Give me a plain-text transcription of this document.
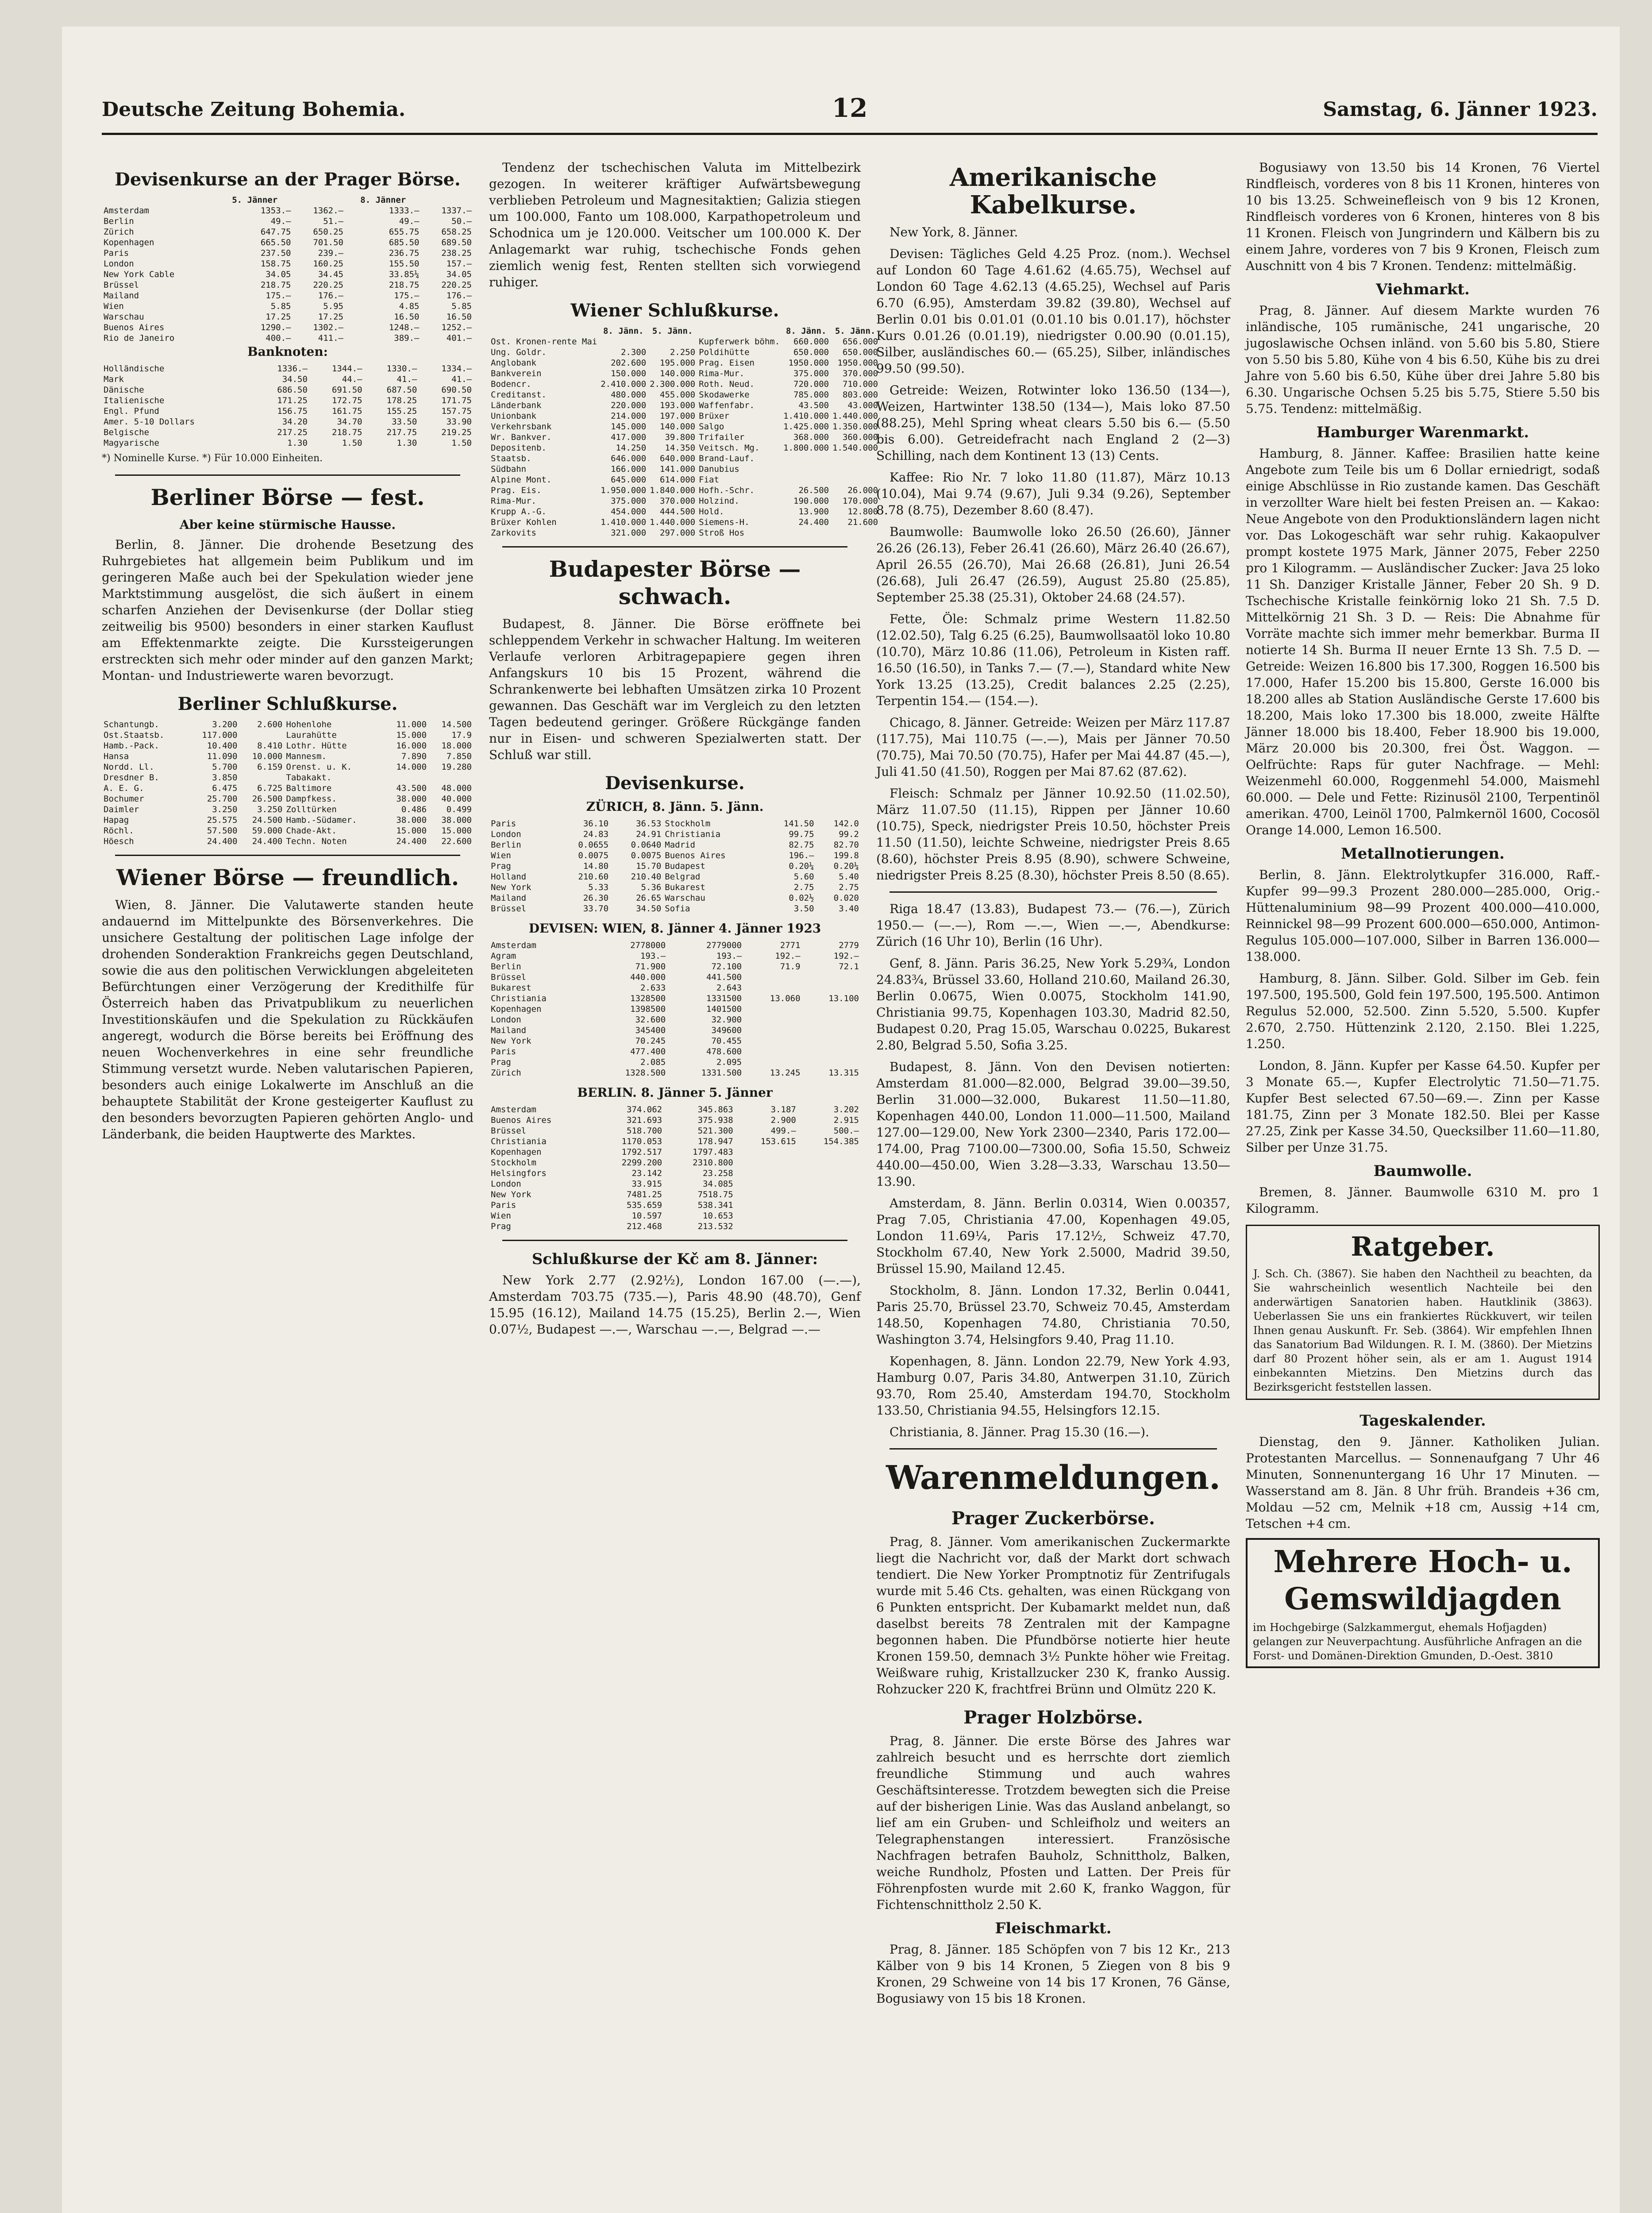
Deutsche Zeitung Bohemia.	12	Samstag, 6. Jänner 1923.
Devisenkurse an der Prager Börse.
	5. Jänner		8. Jänner	
Amsterdam	1353.—	1362.—	1333.—	1337.—
Berlin	49.—	51.—	49.—	50.—
Zürich	647.75	650.25	655.75	658.25
Kopenhagen	665.50	701.50	685.50	689.50
Paris	237.50	239.—	236.75	238.25
London	158.75	160.25	155.50	157.—
New York Cable	34.05	34.45	33.85¼	34.05
Brüssel	218.75	220.25	218.75	220.25
Mailand	175.—	176.—	175.—	176.—
Wien	5.85	5.95	4.85	5.85
Warschau	17.25	17.25	16.50	16.50
Buenos Aires	1290.—	1302.—	1248.—	1252.—
Rio de Janeiro	400.—	411.—	389.—	401.—
Banknoten:
Holländische	1336.—	1344.—	1330.—	1334.—
Mark	34.50	44.—	41.—	41.—
Dänische	686.50	691.50	687.50	690.50
Italienische	171.25	172.75	178.25	171.75
Engl. Pfund	156.75	161.75	155.25	157.75
Amer. 5-10 Dollars	34.20	34.70	33.50	33.90
Belgische	217.25	218.75	217.75	219.25
Magyarische	1.30	1.50	1.30	1.50
*) Nominelle Kurse. *) Für 10.000 Einheiten.
Berliner Börse — fest.
Aber keine stürmische Hausse.

Berlin, 8. Jänner. Die drohende Besetzung des Ruhrgebietes hat allgemein beim Publikum und im geringeren Maße auch bei der Spekulation wieder jene Marktstimmung ausgelöst, die sich äußert in einem scharfen Anziehen der Devisenkurse (der Dollar stieg zeitweilig bis 9500) besonders in einer starken Kauflust am Effektenmarkte zeigte. Die Kurssteigerungen erstreckten sich mehr oder minder auf den ganzen Markt; Montan- und Industriewerte waren bevorzugt.

Berliner Schlußkurse.
Schantungb.	3.200	2.600	Hohenlohe	11.000	14.500
Ost.Staatsb.	117.000		Laurahütte	15.000	17.9
Hamb.-Pack.	10.400	8.410	Lothr. Hütte	16.000	18.000
Hansa	11.090	10.000	Mannesm.	7.890	7.850
Nordd. Ll.	5.700	6.159	Orenst. u. K.	14.000	19.280
Dresdner B.	3.850		Tabakakt.		
A. E. G.	6.475	6.725	Baltimore	43.500	48.000
Bochumer	25.700	26.500	Dampfkess.	38.000	40.000
Daimler	3.250	3.250	Zolltürken	0.486	0.499
Hapag	25.575	24.500	Hamb.-Südamer.	38.000	38.000
Röchl.	57.500	59.000	Chade-Akt.	15.000	15.000
Höesch	24.400	24.400	Techn. Noten	24.400	22.600
Wiener Börse — freundlich.

Wien, 8. Jänner. Die Valutawerte standen heute andauernd im Mittelpunkte des Börsenverkehres. Die unsichere Gestaltung der politischen Lage infolge der drohenden Sonderaktion Frankreichs gegen Deutschland, sowie die aus den politischen Verwicklungen abgeleiteten Befürchtungen einer Verzögerung der Kredithilfe für Österreich haben das Privatpublikum zu neuerlichen Investitionskäufen und die Spekulation zu Rückkäufen angeregt, wodurch die Börse bereits bei Eröffnung des neuen Wochenverkehres in eine sehr freundliche Stimmung versetzt wurde. Neben valutarischen Papieren, besonders auch einige Lokalwerte im Anschluß an die behauptete Stabilität der Krone gesteigerter Kauflust zu den besonders bevorzugten Papieren gehörten Anglo- und Länderbank, die beiden Hauptwerte des Marktes.

Tendenz der tschechischen Valuta im Mittelbezirk gezogen. In weiterer kräftiger Aufwärtsbewegung verblieben Petroleum und Magnesitaktien; Galizia stiegen um 100.000, Fanto um 108.000, Karpathopetroleum und Schodnica um je 120.000. Veitscher um 100.000 K. Der Anlagemarkt war ruhig, tschechische Fonds gehen ziemlich wenig fest, Renten stellten sich vorwiegend ruhiger.

Wiener Schlußkurse.
	8. Jänn.	5. Jänn.		8. Jänn.	5. Jänn.
Ost. Kronen-rente Mai			Kupferwerk böhm.	660.000	656.000
Ung. Goldr.	2.300	2.250	Poldihütte	650.000	650.000
Anglobank	202.600	195.000	Prag. Eisen	1950.000	1950.000
Bankverein	150.000	140.000	Rima-Mur.	375.000	370.000
Bodencr.	2.410.000	2.300.000	Roth. Neud.	720.000	710.000
Creditanst.	480.000	455.000	Skodawerke	785.000	803.000
Länderbank	220.000	193.000	Waffenfabr.	43.500	43.000
Unionbank	214.000	197.000	Brüxer	1.410.000	1.440.000
Verkehrsbank	145.000	140.000	Salgo	1.425.000	1.350.000
Wr. Bankver.	417.000	39.800	Trifailer	368.000	360.000
Depositenb.	14.250	14.350	Veitsch. Mg.	1.800.000	1.540.000
Staatsb.	646.000	640.000	Brand-Lauf.		
Südbahn	166.000	141.000	Danubius		
Alpine Mont.	645.000	614.000	Fiat		
Prag. Eis.	1.950.000	1.840.000	Hofh.-Schr.	26.500	26.000
Rima-Mur.	375.000	370.000	Holzind.	190.000	170.000
Krupp A.-G.	454.000	444.500	Hold.	13.900	12.800
Brüxer Kohlen	1.410.000	1.440.000	Siemens-H.	24.400	21.600
Zarkovits	321.000	297.000	Stroß Hos		
Budapester Börse — schwach.

Budapest, 8. Jänner. Die Börse eröffnete bei schleppendem Verkehr in schwacher Haltung. Im weiteren Verlaufe verloren Arbitragepapiere gegen ihren Anfangskurs 10 bis 15 Prozent, während die Schrankenwerte bei lebhaften Umsätzen zirka 10 Prozent gewannen. Das Geschäft war im Vergleich zu den letzten Tagen bedeutend geringer. Größere Rückgänge fanden nur in Eisen- und schweren Spezialwerten statt. Der Schluß war still.

Devisenkurse.
ZÜRICH, 8. Jänn. 5. Jänn.
Paris	36.10	36.53	Stockholm	141.50	142.0
London	24.83	24.91	Christiania	99.75	99.2
Berlin	0.0655	0.0640	Madrid	82.75	82.70
Wien	0.0075	0.0075	Buenos Aires	196.—	199.8
Prag	14.80	15.70	Budapest	0.20¼	0.20¼
Holland	210.60	210.40	Belgrad	5.60	5.40
New York	5.33	5.36	Bukarest	2.75	2.75
Mailand	26.30	26.65	Warschau	0.02½	0.020
Brüssel	33.70	34.50	Sofia	3.50	3.40
DEVISEN: WIEN, 8. Jänner 4. Jänner 1923
Amsterdam	2778000	2779000	2771	2779
Agram	193.—	193.—	192.—	192.—
Berlin	71.900	72.100	71.9	72.1
Brüssel	440.000	441.500		
Bukarest	2.633	2.643		
Christiania	1328500	1331500	13.060	13.100
Kopenhagen	1398500	1401500		
London	32.600	32.900		
Mailand	345400	349600		
New York	70.245	70.455		
Paris	477.400	478.600		
Prag	2.085	2.095		
Zürich	1328.500	1331.500	13.245	13.315
BERLIN. 8. Jänner 5. Jänner
Amsterdam	374.062	345.863	3.187	3.202
Buenos Aires	321.693	375.938	2.900	2.915
Brüssel	518.700	521.300	499.—	500.—
Christiania	1170.053	178.947	153.615	154.385
Kopenhagen	1792.517	1797.483		
Stockholm	2299.200	2310.800		
Helsingfors	23.142	23.258		
London	33.915	34.085		
New York	7481.25	7518.75		
Paris	535.659	538.341		
Wien	10.597	10.653		
Prag	212.468	213.532		
Schlußkurse der Kč am 8. Jänner:

New York 2.77 (2.92½), London 167.00 (—.—), Amsterdam 703.75 (735.—), Paris 48.90 (48.70), Genf 15.95 (16.12), Mailand 14.75 (15.25), Berlin 2.—, Wien 0.07½, Budapest —.—, Warschau —.—, Belgrad —.—

Amerikanische Kabelkurse.

New York, 8. Jänner.

Devisen: Tägliches Geld 4.25 Proz. (nom.). Wechsel auf London 60 Tage 4.61.62 (4.65.75), Wechsel auf London 60 Tage 4.62.13 (4.65.25), Wechsel auf Paris 6.70 (6.95), Amsterdam 39.82 (39.80), Wechsel auf Berlin 0.01 bis 0.01.01 (0.01.10 bis 0.01.17), höchster Kurs 0.01.26 (0.01.19), niedrigster 0.00.90 (0.01.15), Silber, ausländisches 60.— (65.25), Silber, inländisches 99.50 (99.50).

Getreide: Weizen, Rotwinter loko 136.50 (134—), Weizen, Hartwinter 138.50 (134—), Mais loko 87.50 (88.25), Mehl Spring wheat clears 5.50 bis 6.— (5.50 bis 6.00). Getreidefracht nach England 2 (2—3) Schilling, nach dem Kontinent 13 (13) Cents.

Kaffee: Rio Nr. 7 loko 11.80 (11.87), März 10.13 (10.04), Mai 9.74 (9.67), Juli 9.34 (9.26), September 8.78 (8.75), Dezember 8.60 (8.47).

Baumwolle: Baumwolle loko 26.50 (26.60), Jänner 26.26 (26.13), Feber 26.41 (26.60), März 26.40 (26.67), April 26.55 (26.70), Mai 26.68 (26.81), Juni 26.54 (26.68), Juli 26.47 (26.59), August 25.80 (25.85), September 25.38 (25.31), Oktober 24.68 (24.57).

Fette, Öle: Schmalz prime Western 11.82.50 (12.02.50), Talg 6.25 (6.25), Baumwollsaatöl loko 10.80 (10.70), März 10.86 (11.06), Petroleum in Kisten raff. 16.50 (16.50), in Tanks 7.— (7.—), Standard white New York 13.25 (13.25), Credit balances 2.25 (2.25), Terpentin 154.— (154.—).

Chicago, 8. Jänner. Getreide: Weizen per März 117.87 (117.75), Mai 110.75 (—.—), Mais per Jänner 70.50 (70.75), Mai 70.50 (70.75), Hafer per Mai 44.87 (45.—), Juli 41.50 (41.50), Roggen per Mai 87.62 (87.62).

Fleisch: Schmalz per Jänner 10.92.50 (11.02.50), März 11.07.50 (11.15), Rippen per Jänner 10.60 (10.75), Speck, niedrigster Preis 10.50, höchster Preis 11.50 (11.50), leichte Schweine, niedrigster Preis 8.65 (8.60), höchster Preis 8.95 (8.90), schwere Schweine, niedrigster Preis 8.25 (8.30), höchster Preis 8.50 (8.65).

Riga 18.47 (13.83), Budapest 73.— (76.—), Zürich 1950.— (—.—), Rom —.—, Wien —.—, Abendkurse: Zürich (16 Uhr 10), Berlin (16 Uhr).

Genf, 8. Jänn. Paris 36.25, New York 5.29¾, London 24.83¾, Brüssel 33.60, Holland 210.60, Mailand 26.30, Berlin 0.0675, Wien 0.0075, Stockholm 141.90, Christiania 99.75, Kopenhagen 103.30, Madrid 82.50, Budapest 0.20, Prag 15.05, Warschau 0.0225, Bukarest 2.80, Belgrad 5.50, Sofia 3.25.

Budapest, 8. Jänn. Von den Devisen notierten: Amsterdam 81.000—82.000, Belgrad 39.00—39.50, Berlin 31.000—32.000, Bukarest 11.50—11.80, Kopenhagen 440.00, London 11.000—11.500, Mailand 127.00—129.00, New York 2300—2340, Paris 172.00—174.00, Prag 7100.00—7300.00, Sofia 15.50, Schweiz 440.00—450.00, Wien 3.28—3.33, Warschau 13.50—13.90.

Amsterdam, 8. Jänn. Berlin 0.0314, Wien 0.00357, Prag 7.05, Christiania 47.00, Kopenhagen 49.05, London 11.69¼, Paris 17.12½, Schweiz 47.70, Stockholm 67.40, New York 2.5000, Madrid 39.50, Brüssel 15.90, Mailand 12.45.

Stockholm, 8. Jänn. London 17.32, Berlin 0.0441, Paris 25.70, Brüssel 23.70, Schweiz 70.45, Amsterdam 148.50, Kopenhagen 74.80, Christiania 70.50, Washington 3.74, Helsingfors 9.40, Prag 11.10.

Kopenhagen, 8. Jänn. London 22.79, New York 4.93, Hamburg 0.07, Paris 34.80, Antwerpen 31.10, Zürich 93.70, Rom 25.40, Amsterdam 194.70, Stockholm 133.50, Christiania 94.55, Helsingfors 12.15.

Christiania, 8. Jänner. Prag 15.30 (16.—).

Warenmeldungen.
Prager Zuckerbörse.

Prag, 8. Jänner. Vom amerikanischen Zuckermarkte liegt die Nachricht vor, daß der Markt dort schwach tendiert. Die New Yorker Promptnotiz für Zentrifugals wurde mit 5.46 Cts. gehalten, was einen Rückgang von 6 Punkten entspricht. Der Kubamarkt meldet nun, daß daselbst bereits 78 Zentralen mit der Kampagne begonnen haben. Die Pfundbörse notierte hier heute Kronen 159.50, demnach 3½ Punkte höher wie Freitag. Weißware ruhig, Kristallzucker 230 K, franko Aussig. Rohzucker 220 K, frachtfrei Brünn und Olmütz 220 K.

Prager Holzbörse.

Prag, 8. Jänner. Die erste Börse des Jahres war zahlreich besucht und es herrschte dort ziemlich freundliche Stimmung und auch wahres Geschäftsinteresse. Trotzdem bewegten sich die Preise auf der bisherigen Linie. Was das Ausland anbelangt, so lief am ein Gruben- und Schleifholz und weiters an Telegraphenstangen interessiert. Französische Nachfragen betrafen Bauholz, Schnittholz, Balken, weiche Rundholz, Pfosten und Latten. Der Preis für Föhrenpfosten wurde mit 2.60 K, franko Waggon, für Fichtenschnittholz 2.50 K.

Fleischmarkt.

Prag, 8. Jänner. 185 Schöpfen von 7 bis 12 Kr., 213 Kälber von 9 bis 14 Kronen, 5 Ziegen von 8 bis 9 Kronen, 29 Schweine von 14 bis 17 Kronen, 76 Gänse, Bogusiawy von 15 bis 18 Kronen.

Bogusiawy von 13.50 bis 14 Kronen, 76 Viertel Rindfleisch, vorderes von 8 bis 11 Kronen, hinteres von 10 bis 13.25. Schweinefleisch von 9 bis 12 Kronen, Rindfleisch vorderes von 6 Kronen, hinteres von 8 bis 11 Kronen. Fleisch von Jungrindern und Kälbern bis zu einem Jahre, vorderes von 7 bis 9 Kronen, Fleisch zum Auschnitt von 4 bis 7 Kronen. Tendenz: mittelmäßig.

Viehmarkt.

Prag, 8. Jänner. Auf diesem Markte wurden 76 inländische, 105 rumänische, 241 ungarische, 20 jugoslawische Ochsen inländ. von 5.60 bis 5.80, Stiere von 5.50 bis 5.80, Kühe von 4 bis 6.50, Kühe bis zu drei Jahre von 5.60 bis 6.50, Kühe über drei Jahre 5.80 bis 6.30. Ungarische Ochsen 5.25 bis 5.75, Stiere 5.50 bis 5.75. Tendenz: mittelmäßig.

Hamburger Warenmarkt.

Hamburg, 8. Jänner. Kaffee: Brasilien hatte keine Angebote zum Teile bis um 6 Dollar erniedrigt, sodaß einige Abschlüsse in Rio zustande kamen. Das Geschäft in verzollter Ware hielt bei festen Preisen an. — Kakao: Neue Angebote von den Produktionsländern lagen nicht vor. Das Lokogeschäft war sehr ruhig. Kakaopulver prompt kostete 1975 Mark, Jänner 2075, Feber 2250 pro 1 Kilogramm. — Ausländischer Zucker: Java 25 loko 11 Sh. Danziger Kristalle Jänner, Feber 20 Sh. 9 D. Tschechische Kristalle feinkörnig loko 21 Sh. 7.5 D. Mittelkörnig 21 Sh. 3 D. — Reis: Die Abnahme für Vorräte machte sich immer mehr bemerkbar. Burma II notierte 14 Sh. Burma II neuer Ernte 13 Sh. 7.5 D. — Getreide: Weizen 16.800 bis 17.300, Roggen 16.500 bis 17.000, Hafer 15.200 bis 15.800, Gerste 16.000 bis 18.200 alles ab Station Ausländische Gerste 17.600 bis 18.200, Mais loko 17.300 bis 18.000, zweite Hälfte Jänner 18.000 bis 18.400, Feber 18.900 bis 19.000, März 20.000 bis 20.300, frei Öst. Waggon. — Oelfrüchte: Raps für guter Nachfrage. — Mehl: Weizenmehl 60.000, Roggenmehl 54.000, Maismehl 60.000. — Dele und Fette: Rizinusöl 2100, Terpentinöl amerikan. 4700, Leinöl 1700, Palmkernöl 1600, Cocosöl Orange 14.000, Lemon 16.500.

Metallnotierungen.

Berlin, 8. Jänn. Elektrolytkupfer 316.000, Raff.-Kupfer 99—99.3 Prozent 280.000—285.000, Orig.-Hüttenaluminium 98—99 Prozent 400.000—410.000, Reinnickel 98—99 Prozent 600.000—650.000, Antimon-Regulus 105.000—107.000, Silber in Barren 136.000—138.000.

Hamburg, 8. Jänn. Silber. Gold. Silber im Geb. fein 197.500, 195.500, Gold fein 197.500, 195.500. Antimon Regulus 52.000, 52.500. Zinn 5.520, 5.500. Kupfer 2.670, 2.750. Hüttenzink 2.120, 2.150. Blei 1.225, 1.250.

London, 8. Jänn. Kupfer per Kasse 64.50. Kupfer per 3 Monate 65.—, Kupfer Electrolytic 71.50—71.75. Kupfer Best selected 67.50—69.—. Zinn per Kasse 181.75, Zinn per 3 Monate 182.50. Blei per Kasse 27.25, Zink per Kasse 34.50, Quecksilber 11.60—11.80, Silber per Unze 31.75.

Baumwolle.

Bremen, 8. Jänner. Baumwolle 6310 M. pro 1 Kilogramm.

Ratgeber.
J. Sch. Ch. (3867). Sie haben den Nachtheil zu beachten, da Sie wahrscheinlich wesentlich Nachteile bei den anderwärtigen Sanatorien haben. Hautklinik (3863). Ueberlassen Sie uns ein frankiertes Rückkuvert, wir teilen Ihnen genau Auskunft. Fr. Seb. (3864). Wir empfehlen Ihnen das Sanatorium Bad Wildungen. R. I. M. (3860). Der Mietzins darf 80 Prozent höher sein, als er am 1. August 1914 einbekannten Mietzins. Den Mietzins durch das Bezirksgericht feststellen lassen.
Tageskalender.

Dienstag, den 9. Jänner. Katholiken Julian. Protestanten Marcellus. — Sonnenaufgang 7 Uhr 46 Minuten, Sonnenuntergang 16 Uhr 17 Minuten. — Wasserstand am 8. Jän. 8 Uhr früh. Brandeis +36 cm, Moldau —52 cm, Melnik +18 cm, Aussig +14 cm, Tetschen +4 cm.

Mehrere Hoch- u. Gemswildjagden
im Hochgebirge (Salzkammergut, ehemals Hofjagden) gelangen zur Neuverpachtung. Ausführliche Anfragen an die Forst- und Domänen-Direktion Gmunden, D.-Oest. 3810
